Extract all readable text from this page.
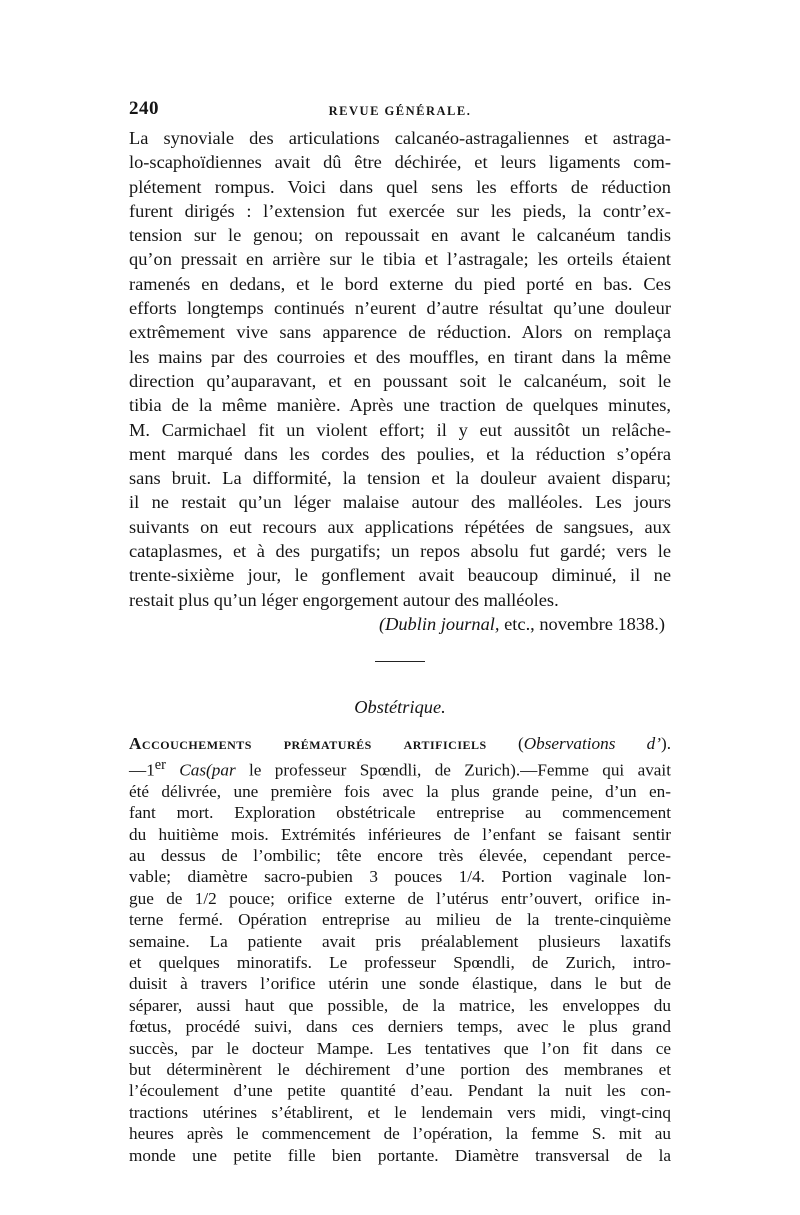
240	REVUE GÉNÉRALE.

La synoviale des articulations calcanéo-astragaliennes et astraga-

lo-scaphoïdiennes avait dû être déchirée, et leurs ligaments com-

plétement rompus. Voici dans quel sens les efforts de réduction

furent dirigés : l’extension fut exercée sur les pieds, la contr’ex-

tension sur le genou; on repoussait en avant le calcanéum tandis

qu’on pressait en arrière sur le tibia et l’astragale; les orteils étaient

ramenés en dedans, et le bord externe du pied porté en bas. Ces

efforts longtemps continués n’eurent d’autre résultat qu’une douleur

extrêmement vive sans apparence de réduction. Alors on remplaça

les mains par des courroies et des mouffles, en tirant dans la même

direction qu’auparavant, et en poussant soit le calcanéum, soit le

tibia de la même manière. Après une traction de quelques minutes,

M. Carmichael fit un violent effort; il y eut aussitôt un relâche-

ment marqué dans les cordes des poulies, et la réduction s’opéra

sans bruit. La difformité, la tension et la douleur avaient disparu;

il ne restait qu’un léger malaise autour des malléoles. Les jours

suivants on eut recours aux applications répétées de sangsues, aux

cataplasmes, et à des purgatifs; un repos absolu fut gardé; vers le

trente-sixième jour, le gonflement avait beaucoup diminué, il ne

restait plus qu’un léger engorgement autour des malléoles.

(Dublin journal, etc., novembre 1838.)
Obstétrique.

Accouchements prématurés artificiels (Observations d’).

—1er Cas(par le professeur Spœndli, de Zurich).—Femme qui avait

été délivrée, une première fois avec la plus grande peine, d’un en-

fant mort. Exploration obstétricale entreprise au commencement

du huitième mois. Extrémités inférieures de l’enfant se faisant sentir

au dessus de l’ombilic; tête encore très élevée, cependant perce-

vable; diamètre sacro-pubien 3 pouces 1/4. Portion vaginale lon-

gue de 1/2 pouce; orifice externe de l’utérus entr’ouvert, orifice in-

terne fermé. Opération entreprise au milieu de la trente-cinquième

semaine. La patiente avait pris préalablement plusieurs laxatifs

et quelques minoratifs. Le professeur Spœndli, de Zurich, intro-

duisit à travers l’orifice utérin une sonde élastique, dans le but de

séparer, aussi haut que possible, de la matrice, les enveloppes du

fœtus, procédé suivi, dans ces derniers temps, avec le plus grand

succès, par le docteur Mampe. Les tentatives que l’on fit dans ce

but déterminèrent le déchirement d’une portion des membranes et

l’écoulement d’une petite quantité d’eau. Pendant la nuit les con-

tractions utérines s’établirent, et le lendemain vers midi, vingt-cinq

heures après le commencement de l’opération, la femme S. mit au

monde une petite fille bien portante. Diamètre transversal de la
